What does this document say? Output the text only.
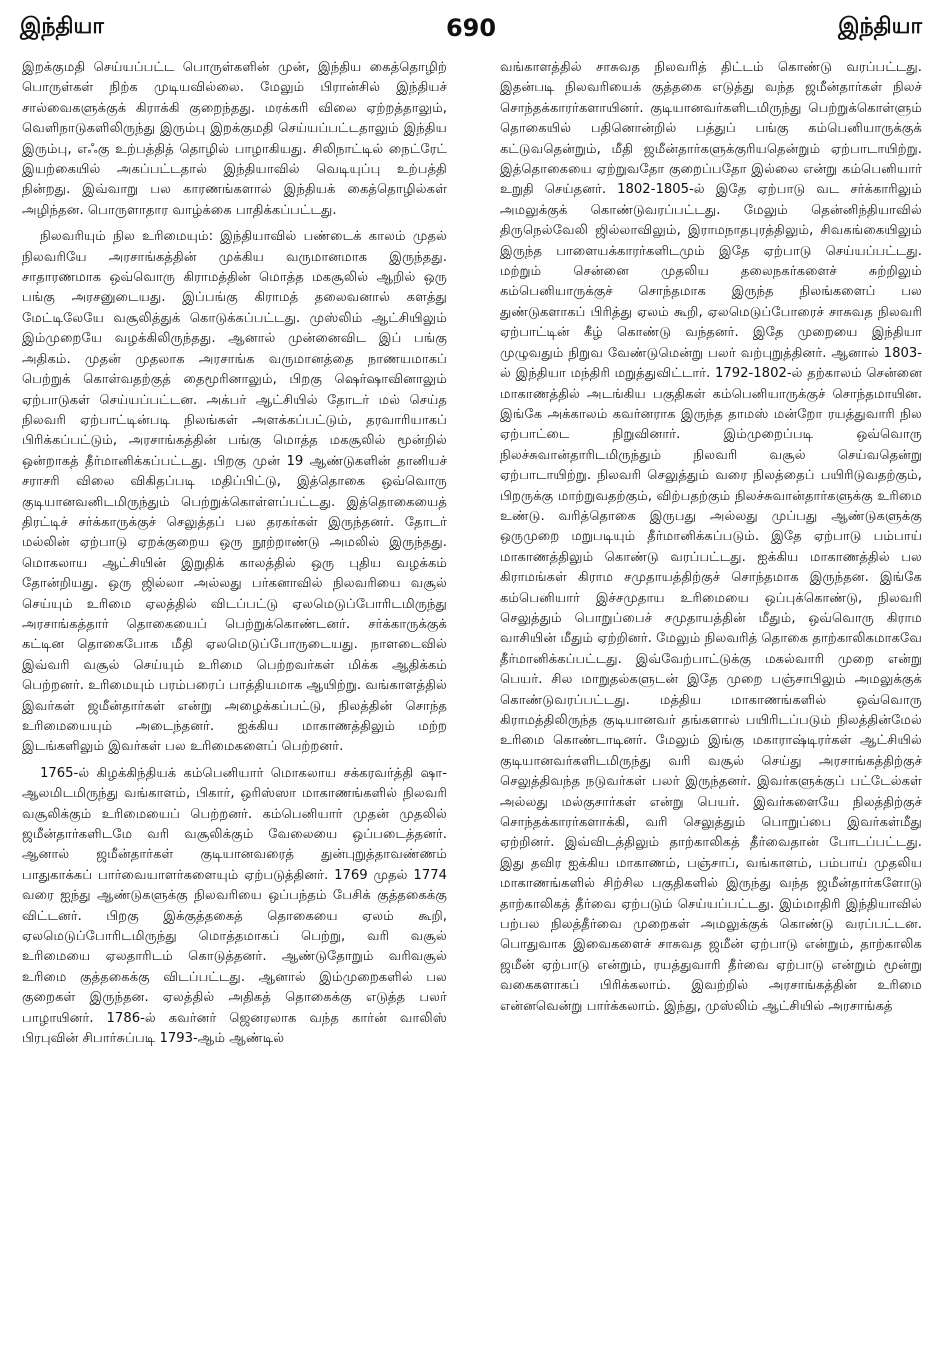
இந்தியா	690	இந்தியா

இறக்குமதி செய்யப்பட்ட பொருள்களின் முன், இந்திய கைத்தொழிற் பொருள்கள் நிற்க முடியவில்லை. மேலும் பிரான்சில் இந்தியச் சால்வைகளுக்குக் கிராக்கி குறைந்தது. மரக்கரி விலை ஏற்றத்தாலும், வெளிநாடுகளிலிருந்து இரும்பு இறக்குமதி செய்யப்பட்டதாலும் இந்திய இரும்பு, எஃகு உற்பத்தித் தொழில் பாழாகியது. சிலிநாட்டில் நைட்ரேட் இயற்கையில் அகப்பட்டதால் இந்தியாவில் வெடியுப்பு உற்பத்தி நின்றது. இவ்வாறு பல காரணங்களால் இந்தியக் கைத்தொழில்கள் அழிந்தன. பொருளாதார வாழ்க்கை பாதிக்கப்பட்டது.

நிலவரியும் நில உரிமையும்: இந்தியாவில் பண்டைக் காலம் முதல் நிலவரியே அரசாங்கத்தின் முக்கிய வருமானமாக இருந்தது. சாதாரணமாக ஒவ்வொரு கிராமத்தின் மொத்த மகசூலில் ஆறில் ஒரு பங்கு அரசனுடையது. இப்பங்கு கிராமத் தலைவனால் களத்து மேட்டிலேயே வசூலித்துக் கொடுக்கப்பட்டது. முஸ்லிம் ஆட்சியிலும் இம்முறையே வழக்கிலிருந்தது. ஆனால் முன்னைவிட இப் பங்கு அதிகம். முதன் முதலாக அரசாங்க வருமானத்தை நாணயமாகப் பெற்றுக் கொள்வதற்குத் தைமூரினாலும், பிறகு ஷெர்ஷாவினாலும் ஏற்பாடுகள் செய்யப்பட்டன. அக்பர் ஆட்சியில் தோடர் மல் செய்த நிலவரி ஏற்பாட்டின்படி நிலங்கள் அளக்கப்பட்டும், தரவாரியாகப் பிரிக்கப்பட்டும், அரசாங்கத்தின் பங்கு மொத்த மகசூலில் மூன்றில் ஒன்றாகத் தீர்மானிக்கப்பட்டது. பிறகு முன் 19 ஆண்டுகளின் தானியச் சராசரி விலை விகிதப்படி மதிப்பிட்டு, இத்தொகை ஒவ்வொரு குடியானவனிடமிருந்தும் பெற்றுக்கொள்ளப்பட்டது. இத்தொகையைத் திரட்டிச் சர்க்காருக்குச் செலுத்தப் பல தரகர்கள் இருந்தனர். தோடர் மல்லின் ஏற்பாடு ஏறக்குறைய ஒரு நூற்றாண்டு அமலில் இருந்தது. மொகலாய ஆட்சியின் இறுதிக் காலத்தில் ஒரு புதிய வழக்கம் தோன்றியது. ஒரு ஜில்லா அல்லது பர்கனாவில் நிலவரியை வசூல் செய்யும் உரிமை ஏலத்தில் விடப்பட்டு ஏலமெடுப்போரிடமிருந்து அரசாங்கத்தார் தொகையைப் பெற்றுக்கொண்டனர். சர்க்காருக்குக் கட்டின தொகைபோக மீதி ஏலமெடுப்போருடையது. நாளடைவில் இவ்வரி வசூல் செய்யும் உரிமை பெற்றவர்கள் மிக்க ஆதிக்கம் பெற்றனர். உரிமையும் பரம்பரைப் பாத்தியமாக ஆயிற்று. வங்காளத்தில் இவர்கள் ஜமீன்தார்கள் என்று அழைக்கப்பட்டு, நிலத்தின் சொந்த உரிமையையும் அடைந்தனர். ஐக்கிய மாகாணத்திலும் மற்ற இடங்களிலும் இவர்கள் பல உரிமைகளைப் பெற்றனர்.

1765-ல் கிழக்கிந்தியக் கம்பெனியார் மொகலாய சக்கரவர்த்தி ஷா-ஆலமிடமிருந்து வங்காளம், பிகார், ஒரிஸ்ஸா மாகாணங்களில் நிலவரி வசூலிக்கும் உரிமையைப் பெற்றனர். கம்பெனியார் முதன் முதலில் ஜமீன்தார்களிடமே வரி வசூலிக்கும் வேலையை ஒப்படைத்தனர். ஆனால் ஜமீன்தார்கள் குடியானவரைத் துன்புறுத்தாவண்ணம் பாதுகாக்கப் பார்வையாளர்களையும் ஏற்படுத்தினர். 1769 முதல் 1774 வரை ஐந்து ஆண்டுகளுக்கு நிலவரியை ஒப்பந்தம் பேசிக் குத்தகைக்கு விட்டனர். பிறகு இக்குத்தகைத் தொகையை ஏலம் கூறி, ஏலமெடுப்போரிடமிருந்து மொத்தமாகப் பெற்று, வரி வசூல் உரிமையை ஏலதாரிடம் கொடுத்தனர். ஆண்டுதோறும் வரிவசூல் உரிமை குத்தகைக்கு விடப்பட்டது. ஆனால் இம்முறைகளில் பல குறைகள் இருந்தன. ஏலத்தில் அதிகத் தொகைக்கு எடுத்த பலர் பாழாயினர். 1786-ல் கவர்னர் ஜெனரலாக வந்த கார்ன் வாலிஸ் பிரபுவின் சிபார்சுப்படி 1793-ஆம் ஆண்டில்

வங்காளத்தில் சாசுவத நிலவரித் திட்டம் கொண்டு வரப்பட்டது. இதன்படி நிலவரியைக் குத்தகை எடுத்து வந்த ஜமீன்தார்கள் நிலச் சொந்தக்காரர்களாயினர். குடியானவர்களிடமிருந்து பெற்றுக்கொள்ளும் தொகையில் பதினொன்றில் பத்துப் பங்கு கம்பெனியாருக்குக் கட்டுவதென்றும், மீதி ஜமீன்தார்களுக்குரியதென்றும் ஏற்பாடாயிற்று. இத்தொகையை ஏற்றுவதோ குறைப்பதோ இல்லை என்று கம்பெனியார் உறுதி செய்தனர். 1802-1805-ல் இதே ஏற்பாடு வட சர்க்காரிலும் அமலுக்குக் கொண்டுவரப்பட்டது. மேலும் தென்னிந்தியாவில் திருநெல்வேலி ஜில்லாவிலும், இராமநாதபுரத்திலும், சிவகங்கையிலும் இருந்த பாளையக்காரர்களிடமும் இதே ஏற்பாடு செய்யப்பட்டது. மற்றும் சென்னை முதலிய தலைநகர்களைச் சுற்றிலும் கம்பெனியாருக்குச் சொந்தமாக இருந்த நிலங்களைப் பல துண்டுகளாகப் பிரித்து ஏலம் கூறி, ஏலமெடுப்போரைச் சாசுவத நிலவரி ஏற்பாட்டின் கீழ் கொண்டு வந்தனர். இதே முறையை இந்தியா முழுவதும் நிறுவ வேண்டுமென்று பலர் வற்புறுத்தினர். ஆனால் 1803-ல் இந்தியா மந்திரி மறுத்துவிட்டார். 1792-1802-ல் தற்காலம் சென்னை மாகாணத்தில் அடங்கிய பகுதிகள் கம்பெனியாருக்குச் சொந்தமாயின. இங்கே அக்காலம் கவர்னராக இருந்த தாமஸ் மன்றோ ரயத்துவாரி நில ஏற்பாட்டை நிறுவினார். இம்முறைப்படி ஒவ்வொரு நிலச்சுவான்தாரிடமிருந்தும் நிலவரி வசூல் செய்வதென்று ஏற்பாடாயிற்று. நிலவரி செலுத்தும் வரை நிலத்தைப் பயிரிடுவதற்கும், பிறருக்கு மாற்றுவதற்கும், விற்பதற்கும் நிலச்சுவான்தார்களுக்கு உரிமை உண்டு. வரித்தொகை இருபது அல்லது முப்பது ஆண்டுகளுக்கு ஒருமுறை மறுபடியும் தீர்மானிக்கப்படும். இதே ஏற்பாடு பம்பாய் மாகாணத்திலும் கொண்டு வரப்பட்டது. ஐக்கிய மாகாணத்தில் பல கிராமங்கள் கிராம சமுதாயத்திற்குச் சொந்தமாக இருந்தன. இங்கே கம்பெனியார் இச்சமுதாய உரிமையை ஒப்புக்கொண்டு, நிலவரி செலுத்தும் பொறுப்பைச் சமுதாயத்தின் மீதும், ஒவ்வொரு கிராம வாசியின் மீதும் ஏற்றினர். மேலும் நிலவரித் தொகை தாற்காலிகமாகவே தீர்மானிக்கப்பட்டது. இவ்வேற்பாட்டுக்கு மகல்வாரி முறை என்று பெயர். சில மாறுதல்களுடன் இதே முறை பஞ்சாபிலும் அமலுக்குக் கொண்டுவரப்பட்டது. மத்திய மாகாணங்களில் ஒவ்வொரு கிராமத்திலிருந்த குடியானவர் தங்களால் பயிரிடப்படும் நிலத்தின்மேல் உரிமை கொண்டாடினர். மேலும் இங்கு மகாராஷ்டிரர்கள் ஆட்சியில் குடியானவர்களிடமிருந்து வரி வசூல் செய்து அரசாங்கத்திற்குச் செலுத்திவந்த நடுவர்கள் பலர் இருந்தனர். இவர்களுக்குப் பட்டேல்கள் அல்லது மல்குசார்கள் என்று பெயர். இவர்களையே நிலத்திற்குச் சொந்தக்காரர்களாக்கி, வரி செலுத்தும் பொறுப்பை இவர்கள்மீது ஏற்றினர். இவ்விடத்திலும் தாற்காலிகத் தீர்வைதான் போடப்பட்டது. இது தவிர ஐக்கிய மாகாணம், பஞ்சாப், வங்காளம், பம்பாய் முதலிய மாகாணங்களில் சிற்சில பகுதிகளில் இருந்து வந்த ஜமீன்தார்களோடு தாற்காலிகத் தீர்வை ஏற்படும் செய்யப்பட்டது. இம்மாதிரி இந்தியாவில் பற்பல நிலத்தீர்வை முறைகள் அமலுக்குக் கொண்டு வரப்பட்டன. பொதுவாக இவைகளைச் சாசுவத ஜமீன் ஏற்பாடு என்றும், தாற்காலிக ஜமீன் ஏற்பாடு என்றும், ரயத்துவாரி தீர்வை ஏற்பாடு என்றும் மூன்று வகைகளாகப் பிரிக்கலாம். இவற்றில் அரசாங்கத்தின் உரிமை என்னவென்று பார்க்கலாம். இந்து, முஸ்லிம் ஆட்சியில் அரசாங்கத்
